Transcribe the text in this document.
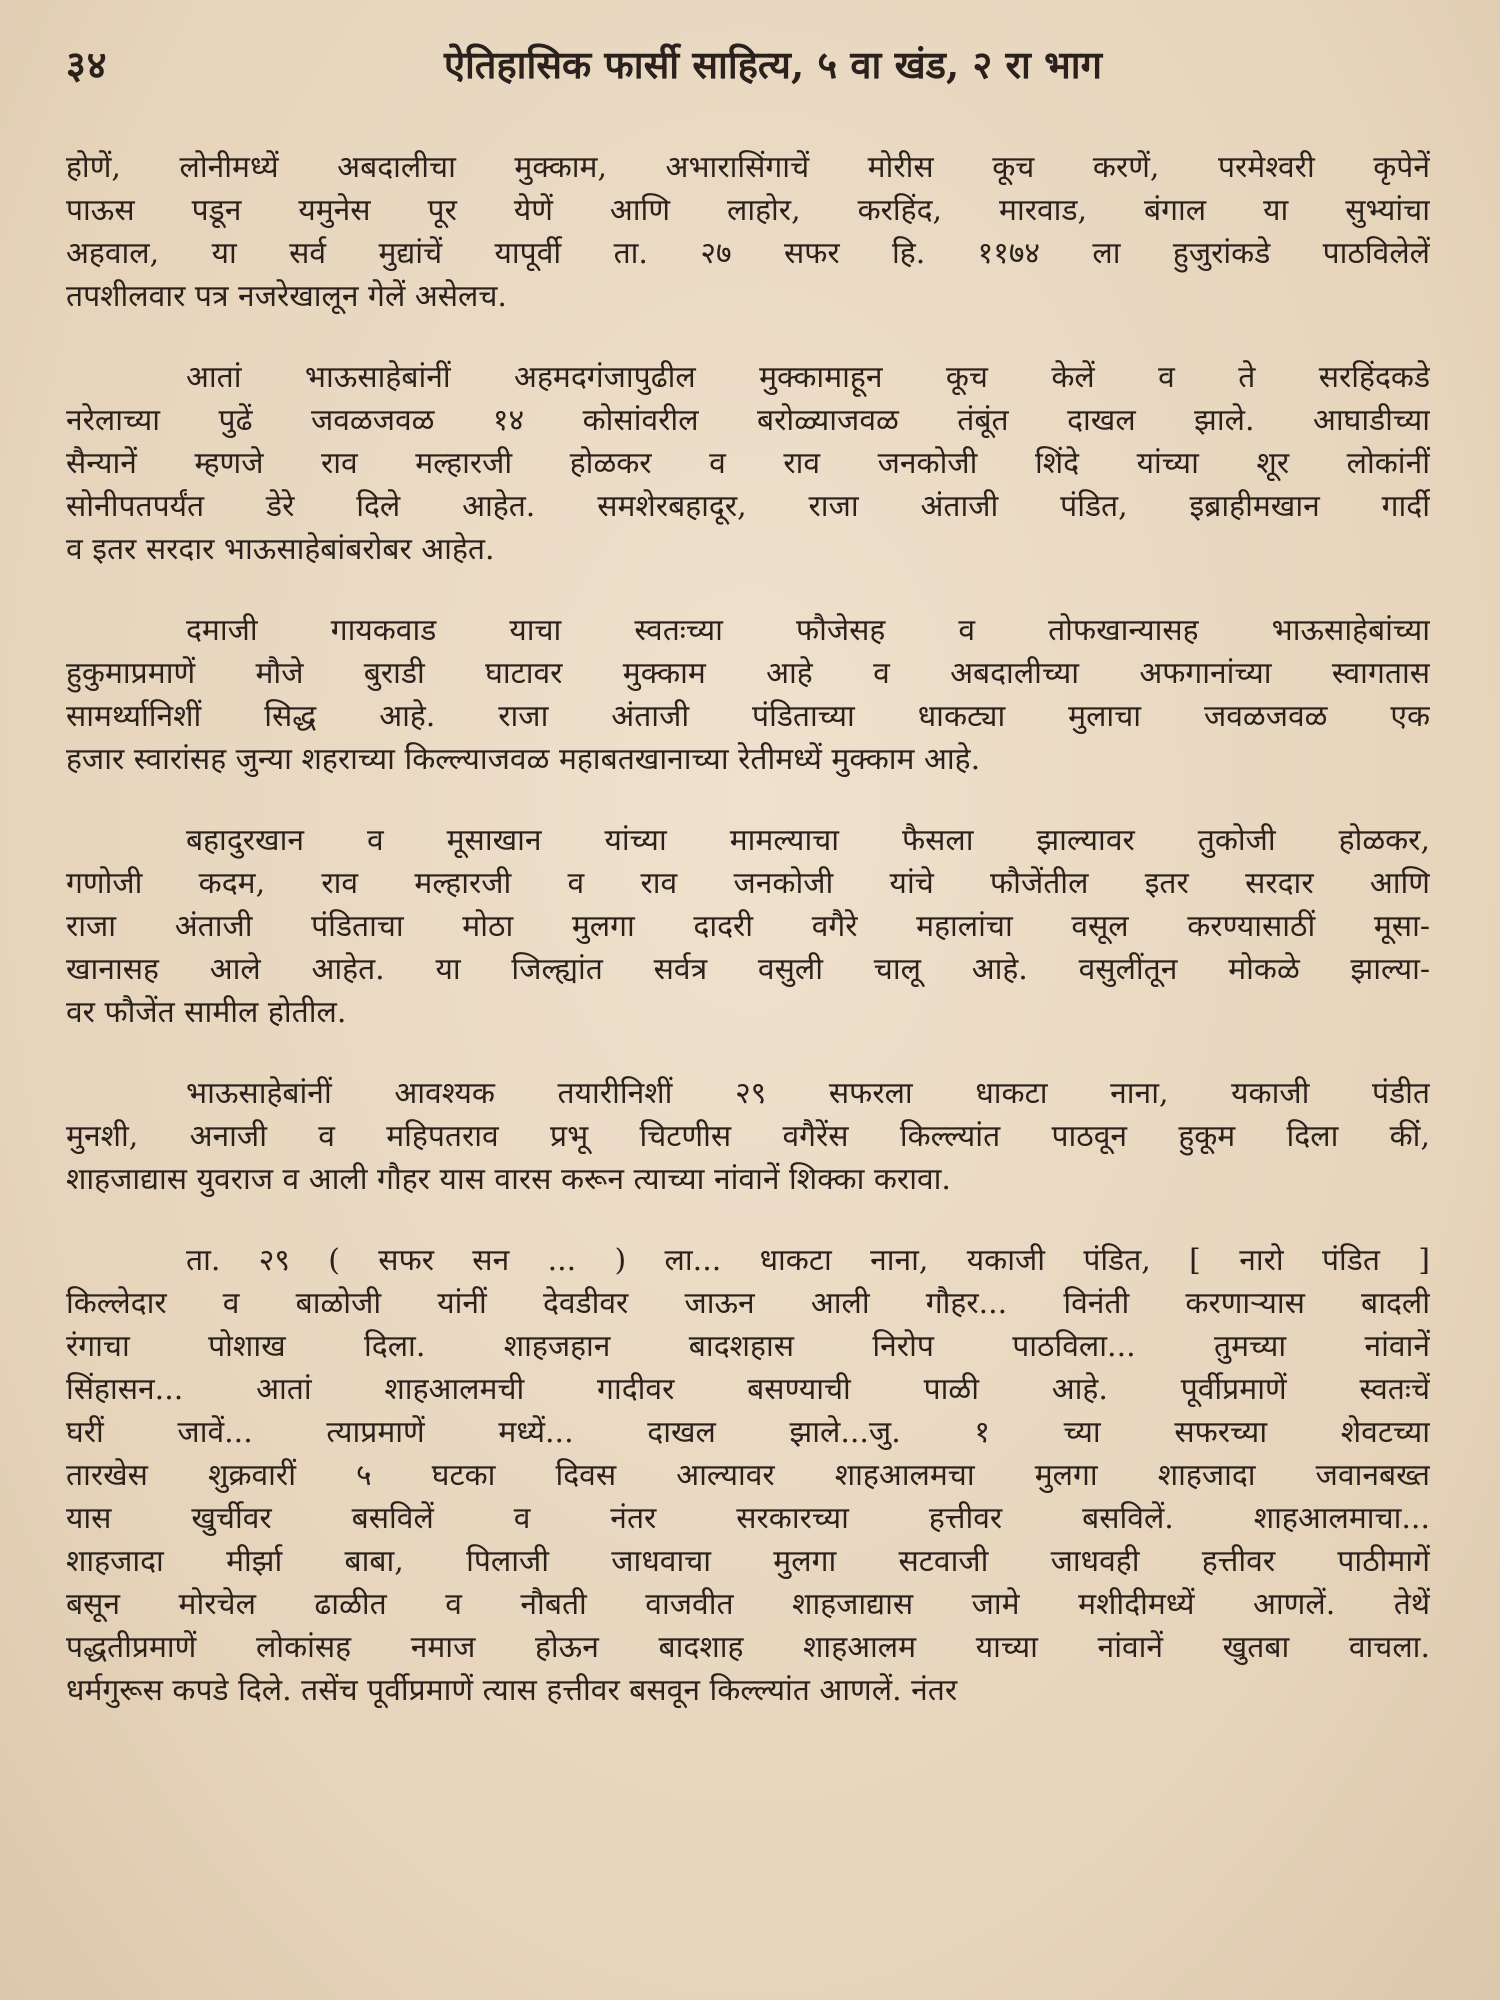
३४	ऐतिहासिक फार्सी साहित्य, ५ वा खंड, २ रा भाग
होणें, लोनीमध्यें अबदालीचा मुक्काम, अभारासिंगाचें मोरीस कूच करणें, परमेश्वरी कृपेनें
पाऊस पडून यमुनेस पूर येणें आणि लाहोर, करहिंद, मारवाड, बंगाल या सुभ्यांचा
अहवाल, या सर्व मुद्यांचें यापूर्वी ता. २७ सफर हि. ११७४ ला हुजुरांकडे पाठविलेलें
तपशीलवार पत्र नजरेखालून गेलें असेलच.
आतां भाऊसाहेबांनीं अहमदगंजापुढील मुक्कामाहून कूच केलें व ते सरहिंदकडे
नरेलाच्या पुढें जवळजवळ १४ कोसांवरील बरोळ्याजवळ तंबूंत दाखल झाले. आघाडीच्या
सैन्यानें म्हणजे राव मल्हारजी होळकर व राव जनकोजी शिंदे यांच्या शूर लोकांनीं
सोनीपतपर्यंत डेरे दिले आहेत. समशेरबहादूर, राजा अंताजी पंडित, इब्राहीमखान गार्दी
व इतर सरदार भाऊसाहेबांबरोबर आहेत.
दमाजी गायकवाड याचा स्वतःच्या फौजेसह व तोफखान्यासह भाऊसाहेबांच्या
हुकुमाप्रमाणें मौजे बुराडी घाटावर मुक्काम आहे व अबदालीच्या अफगानांच्या स्वागतास
सामर्थ्यानिशीं सिद्ध आहे. राजा अंताजी पंडिताच्या धाकट्या मुलाचा जवळजवळ एक
हजार स्वारांसह जुन्या शहराच्या किल्ल्याजवळ महाबतखानाच्या रेतीमध्यें मुक्काम आहे.
बहादुरखान व मूसाखान यांच्या मामल्याचा फैसला झाल्यावर तुकोजी होळकर,
गणोजी कदम, राव मल्हारजी व राव जनकोजी यांचे फौजेंतील इतर सरदार आणि
राजा अंताजी पंडिताचा मोठा मुलगा दादरी वगैरे महालांचा वसूल करण्यासाठीं मूसा-
खानासह आले आहेत. या जिल्ह्यांत सर्वत्र वसुली चालू आहे. वसुलींतून मोकळे झाल्या-
वर फौजेंत सामील होतील.
भाऊसाहेबांनीं आवश्यक तयारीनिशीं २९ सफरला धाकटा नाना, यकाजी पंडीत
मुनशी, अनाजी व महिपतराव प्रभू चिटणीस वगैरेंस किल्ल्यांत पाठवून हुकूम दिला कीं,
शाहजाद्यास युवराज व आली गौहर यास वारस करून त्याच्या नांवानें शिक्का करावा.
ता. २९ ( सफर सन ... ) ला... धाकटा नाना, यकाजी पंडित, [ नारो पंडित ]
किल्लेदार व बाळोजी यांनीं देवडीवर जाऊन आली गौहर... विनंती करणाऱ्यास बादली
रंगाचा पोशाख दिला. शाहजहान बादशहास निरोप पाठविला... तुमच्या नांवानें
सिंहासन... आतां शाहआलमची गादीवर बसण्याची पाळी आहे. पूर्वीप्रमाणें स्वतःचें
घरीं जावें... त्याप्रमाणें मध्यें... दाखल झाले...जु. १ च्या सफरच्या शेवटच्या
तारखेस शुक्रवारीं ५ घटका दिवस आल्यावर शाहआलमचा मुलगा शाहजादा जवानबख्त
यास खुर्चीवर बसविलें व नंतर सरकारच्या हत्तीवर बसविलें. शाहआलमाचा...
शाहजादा मीर्झा बाबा, पिलाजी जाधवाचा मुलगा सटवाजी जाधवही हत्तीवर पाठीमागें
बसून मोरचेल ढाळीत व नौबती वाजवीत शाहजाद्यास जामे मशीदीमध्यें आणलें. तेथें
पद्धतीप्रमाणें लोकांसह नमाज होऊन बादशाह शाहआलम याच्या नांवानें खुतबा वाचला.
धर्मगुरूस कपडे दिले. तसेंच पूर्वीप्रमाणें त्यास हत्तीवर बसवून किल्ल्यांत आणलें. नंतर
